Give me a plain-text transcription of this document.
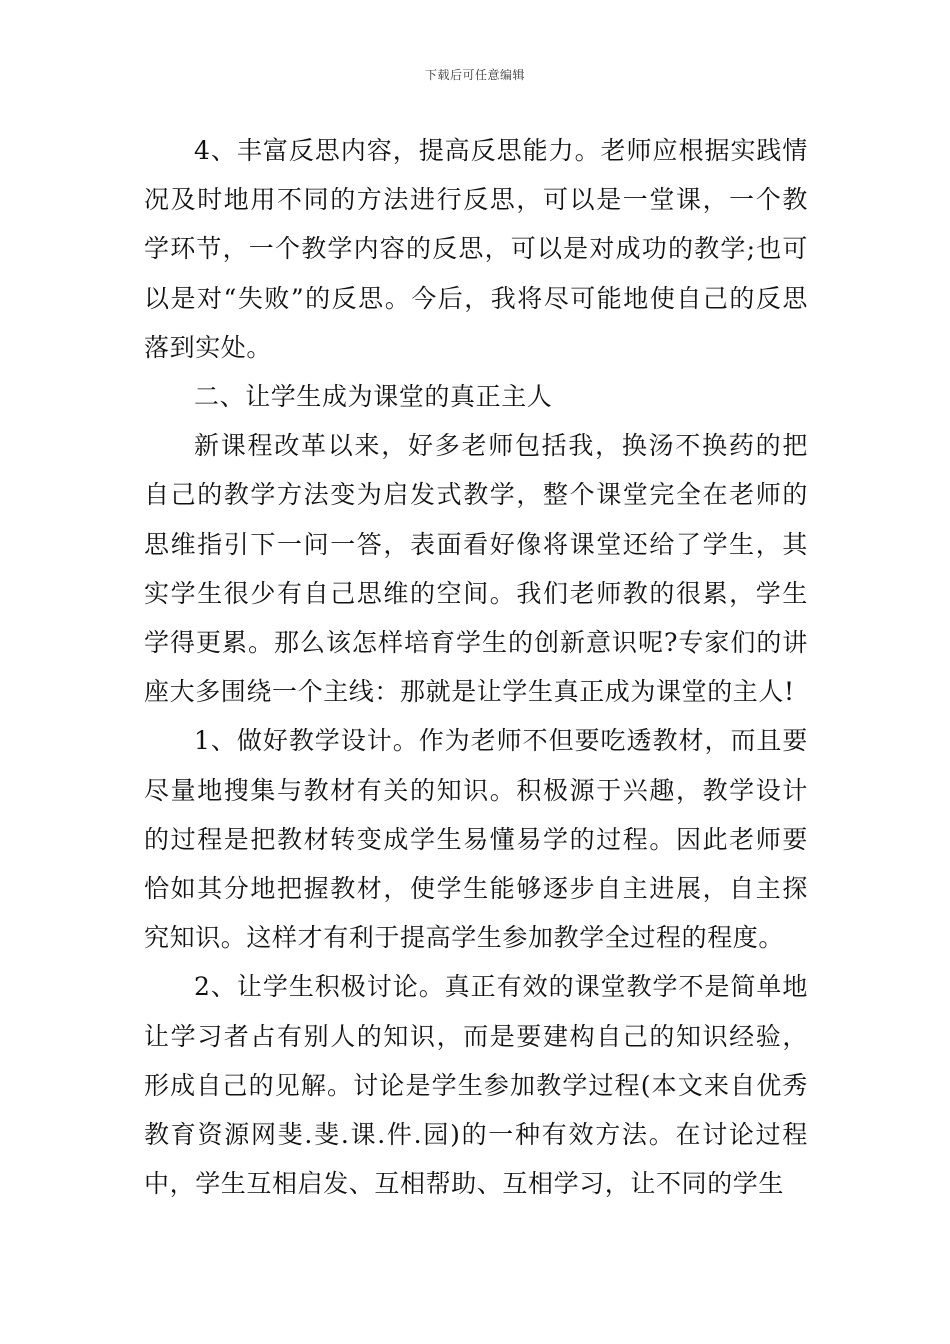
下载后可任意编辑

4、丰富反思内容，提高反思能力。老师应根据实践情况及时地用不同的方法进行反思，可以是一堂课，一个教学环节，一个教学内容的反思，可以是对成功的教学;也可以是对“失败”的反思。今后，我将尽可能地使自己的反思落到实处。

二、让学生成为课堂的真正主人

新课程改革以来，好多老师包括我，换汤不换药的把自己的教学方法变为启发式教学，整个课堂完全在老师的思维指引下一问一答，表面看好像将课堂还给了学生，其实学生很少有自己思维的空间。我们老师教的很累，学生学得更累。那么该怎样培育学生的创新意识呢?专家们的讲座大多围绕一个主线：那就是让学生真正成为课堂的主人!

1、做好教学设计。作为老师不但要吃透教材，而且要尽量地搜集与教材有关的知识。积极源于兴趣，教学设计的过程是把教材转变成学生易懂易学的过程。因此老师要恰如其分地把握教材，使学生能够逐步自主进展，自主探究知识。这样才有利于提高学生参加教学全过程的程度。

2、让学生积极讨论。真正有效的课堂教学不是简单地让学习者占有别人的知识，而是要建构自己的知识经验，形成自己的见解。讨论是学生参加教学过程(本文来自优秀教育资源网斐.斐.课.件.园)的一种有效方法。在讨论过程中，学生互相启发、互相帮助、互相学习，让不同的学生
